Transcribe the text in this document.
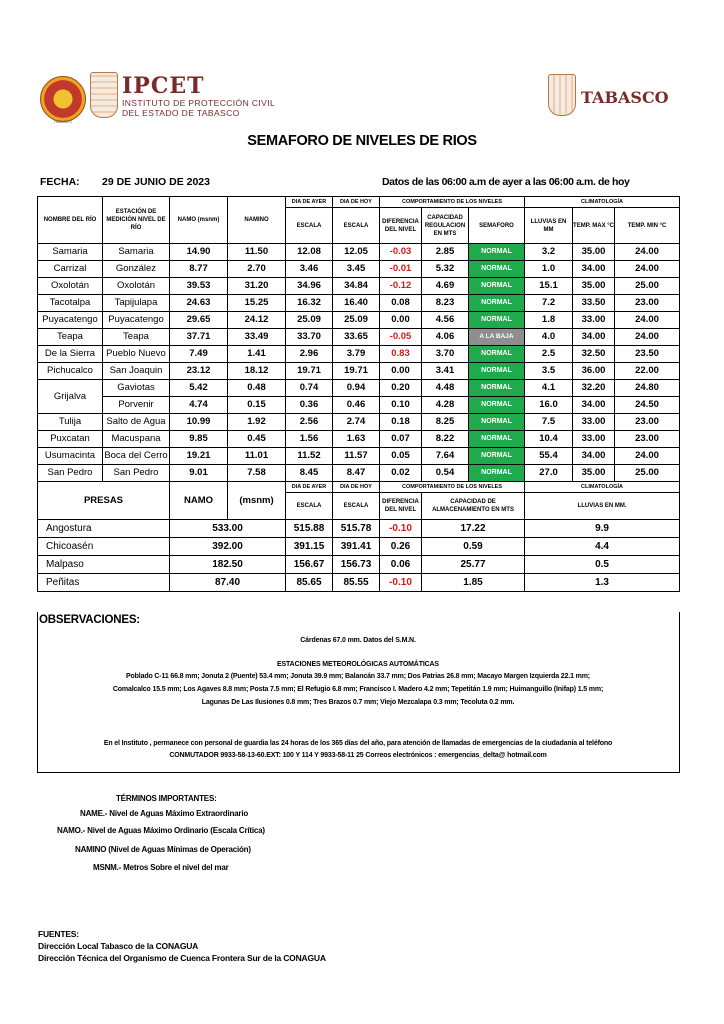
TABASCO
IPCET
INSTITUTO DE PROTECCIÓN CIVIL
DEL ESTADO DE TABASCO
TABASCO
SEMAFORO DE NIVELES DE RIOS
FECHA: 29 DE JUNIO DE 2023	Datos de las 06:00 a.m de ayer a las 06:00 a.m. de hoy
NOMBRE DEL RÍO	ESTACIÓN DE MEDICIÓN NIVEL DE RÍO	NAMO (msnm)	NAMINO	DIA DE AYER	DIA DE HOY	COMPORTAMIENTO DE LOS NIVELES			CLIMATOLOGÍA		
				ESCALA	ESCALA	DIFERENCIA DEL NIVEL	CAPACIDAD REGULACION EN MTS	SEMAFORO	LLUVIAS EN MM	TEMP. MAX °C	TEMP. MIN °C
Samaria	Samaria	14.90	11.50	12.08	12.05	-0.03	2.85	NORMAL	3.2	35.00	24.00
Carrizal	González	8.77	2.70	3.46	3.45	-0.01	5.32	NORMAL	1.0	34.00	24.00
Oxolotán	Oxolotán	39.53	31.20	34.96	34.84	-0.12	4.69	NORMAL	15.1	35.00	25.00
Tacotalpa	Tapijulapa	24.63	15.25	16.32	16.40	0.08	8.23	NORMAL	7.2	33.50	23.00
Puyacatengo	Puyacatengo	29.65	24.12	25.09	25.09	0.00	4.56	NORMAL	1.8	33.00	24.00
Teapa	Teapa	37.71	33.49	33.70	33.65	-0.05	4.06	A LA BAJA	4.0	34.00	24.00
De la Sierra	Pueblo Nuevo	7.49	1.41	2.96	3.79	0.83	3.70	NORMAL	2.5	32.50	23.50
Pichucalco	San Joaquin	23.12	18.12	19.71	19.71	0.00	3.41	NORMAL	3.5	36.00	22.00
Grijalva	Gaviotas	5.42	0.48	0.74	0.94	0.20	4.48	NORMAL	4.1	32.20	24.80
	Porvenir	4.74	0.15	0.36	0.46	0.10	4.28	NORMAL	16.0	34.00	24.50
Tulija	Salto de Agua	10.99	1.92	2.56	2.74	0.18	8.25	NORMAL	7.5	33.00	23.00
Puxcatan	Macuspana	9.85	0.45	1.56	1.63	0.07	8.22	NORMAL	10.4	33.00	23.00
Usumacinta	Boca del Cerro	19.21	11.01	11.52	11.57	0.05	7.64	NORMAL	55.4	34.00	24.00
San Pedro	San Pedro	9.01	7.58	8.45	8.47	0.02	0.54	NORMAL	27.0	35.00	25.00
PRESAS		NAMO	(msnm)	DIA DE AYER	DIA DE HOY	COMPORTAMIENTO DE LOS NIVELES			CLIMATOLOGÍA		
				ESCALA	ESCALA	DIFERENCIA DEL NIVEL	CAPACIDAD DE ALMACENAMIENTO EN MTS		LLUVIAS EN MM.		
Angostura		533.00		515.88	515.78	-0.10	17.22		9.9		
Chicoasén		392.00		391.15	391.41	0.26	0.59		4.4		
Malpaso		182.50		156.67	156.73	0.06	25.77		0.5		
Peñitas		87.40		85.65	85.55	-0.10	1.85		1.3		
OBSERVACIONES:
Cárdenas 67.0 mm. Datos del S.M.N.
ESTACIONES METEOROLÓGICAS AUTOMÁTICAS
Poblado C-11 66.8 mm; Jonuta 2 (Puente) 53.4 mm; Jonuta 39.9 mm; Balancán 33.7 mm; Dos Patrias 26.8 mm; Macayo Margen Izquierda 22.1 mm;
Comalcalco 15.5 mm; Los Agaves 8.8 mm; Posta 7.5 mm; El Refugio 6.8 mm; Francisco I. Madero 4.2 mm; Tepetitán 1.9 mm; Huimanguillo (Inifap) 1.5 mm;
Lagunas De Las Ilusiones 0.8 mm; Tres Brazos 0.7 mm; Viejo Mezcalapa 0.3 mm; Tecoluta 0.2 mm.
En el Instituto , permanece con personal de guardia las 24 horas de los 365 días del año, para atención de llamadas de emergencias de la ciudadanía al teléfono
CONMUTADOR 9933-58-13-60.EXT: 100 Y 114 Y 9933-58-11 25 Correos electrónicos : emergencias_delta@ hotmail.com
TÉRMINOS IMPORTANTES:
NAME.- Nivel de Aguas Máximo Extraordinario
NAMO.- Nivel de Aguas Máximo Ordinario (Escala Crítica)
NAMINO (Nivel de Aguas Mínimas de Operación)
MSNM.- Metros Sobre el nivel del mar
FUENTES:
Dirección Local Tabasco de la CONAGUA
Dirección Técnica del Organismo de Cuenca Frontera Sur de la CONAGUA
